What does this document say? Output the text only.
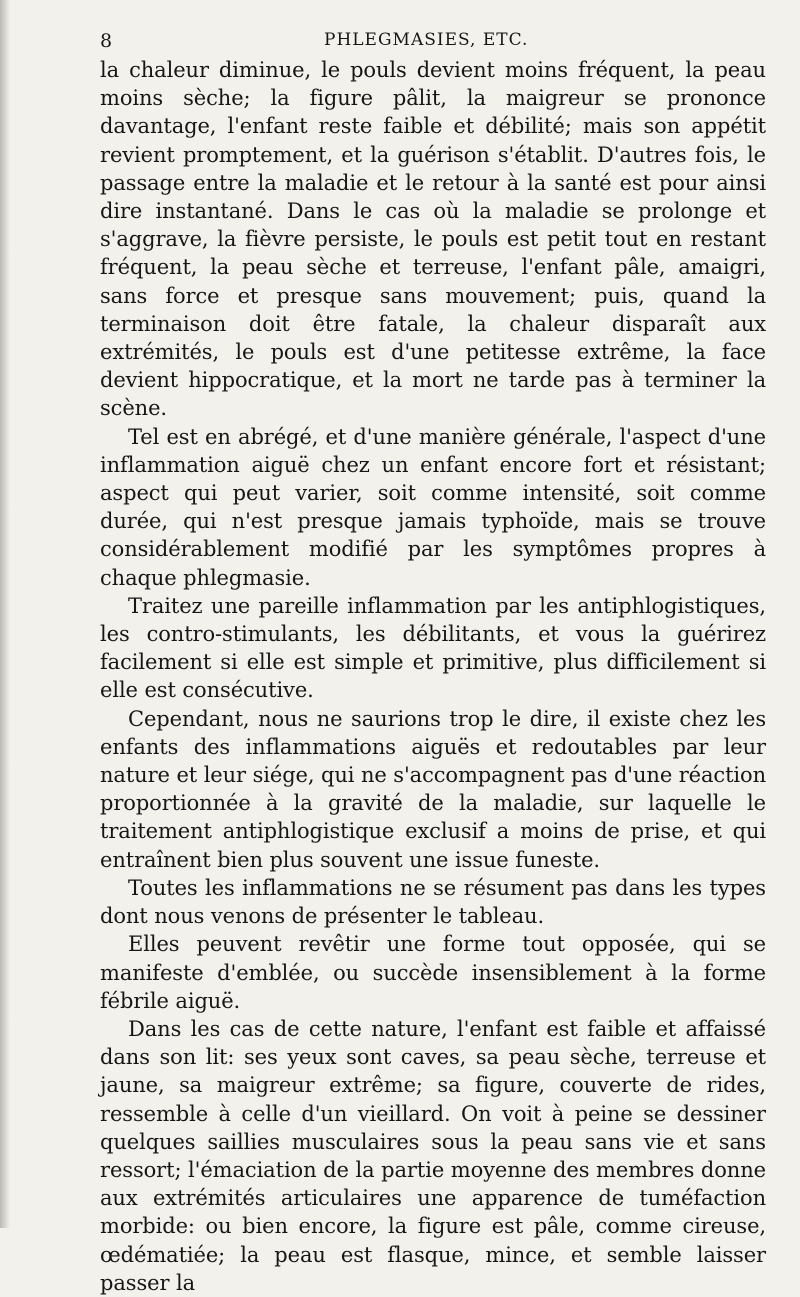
8	PHLEGMASIES, ETC.

la chaleur diminue, le pouls devient moins fréquent, la peau moins sèche; la figure pâlit, la maigreur se prononce davantage, l'enfant reste faible et débilité; mais son appétit revient promptement, et la guérison s'établit. D'autres fois, le passage entre la maladie et le retour à la santé est pour ainsi dire instantané. Dans le cas où la maladie se prolonge et s'aggrave, la fièvre persiste, le pouls est petit tout en restant fréquent, la peau sèche et terreuse, l'enfant pâle, amaigri, sans force et presque sans mouvement; puis, quand la terminaison doit être fatale, la chaleur disparaît aux extrémités, le pouls est d'une petitesse extrême, la face devient hippocratique, et la mort ne tarde pas à terminer la scène.

Tel est en abrégé, et d'une manière générale, l'aspect d'une inflammation aiguë chez un enfant encore fort et résistant; aspect qui peut varier, soit comme intensité, soit comme durée, qui n'est presque jamais typhoïde, mais se trouve considérablement modifié par les symptômes propres à chaque phlegmasie.

Traitez une pareille inflammation par les antiphlogistiques, les contro-stimulants, les débilitants, et vous la guérirez facilement si elle est simple et primitive, plus difficilement si elle est consécutive.

Cependant, nous ne saurions trop le dire, il existe chez les enfants des inflammations aiguës et redoutables par leur nature et leur siége, qui ne s'accompagnent pas d'une réaction proportionnée à la gravité de la maladie, sur laquelle le traitement antiphlogistique exclusif a moins de prise, et qui entraînent bien plus souvent une issue funeste.

Toutes les inflammations ne se résument pas dans les types dont nous venons de présenter le tableau.

Elles peuvent revêtir une forme tout opposée, qui se manifeste d'emblée, ou succède insensiblement à la forme fébrile aiguë.

Dans les cas de cette nature, l'enfant est faible et affaissé dans son lit: ses yeux sont caves, sa peau sèche, terreuse et jaune, sa maigreur extrême; sa figure, couverte de rides, ressemble à celle d'un vieillard. On voit à peine se dessiner quelques saillies musculaires sous la peau sans vie et sans ressort; l'émaciation de la partie moyenne des membres donne aux extrémités articulaires une apparence de tuméfaction morbide: ou bien encore, la figure est pâle, comme cireuse, œdématiée; la peau est flasque, mince, et semble laisser passer la
